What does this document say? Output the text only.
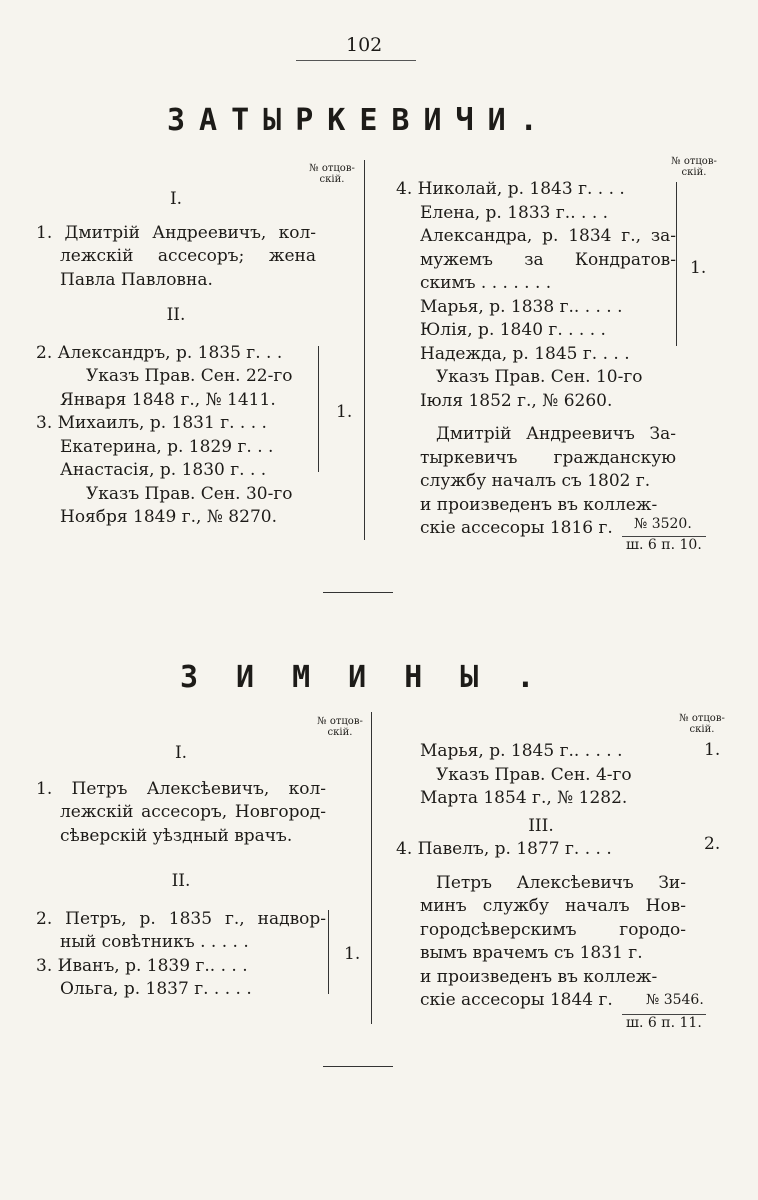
102
ЗАТЫРКЕВИЧИ.
№ отцов-
скій.
№ отцов-
скій.
I.
1. Дмитрій Андреевичъ, кол-
лежскій ассесоръ; жена
Павла Павловна.
II.
2. Александръ, р. 1835 г. . .
Указъ Прав. Сен. 22-го
Января 1848 г., № 1411.
3. Михаилъ, р. 1831 г. . . .
Екатерина, р. 1829 г. . .
Анастасія, р. 1830 г. . .
Указъ Прав. Сен. 30-го
Ноября 1849 г., № 8270.
1.
4. Николай, р. 1843 г. . . .
Елена, р. 1833 г.. . . .
Александра, р. 1834 г., за-
мужемъ за Кондратов-
скимъ . . . . . . .
Марья, р. 1838 г.. . . . .
Юлія, р. 1840 г. . . . .
Надежда, р. 1845 г. . . .
Указъ Прав. Сен. 10-го
Іюля 1852 г., № 6260.
Дмитрій Андреевичъ За-
тыркевичъ гражданскую
службу началъ съ 1802 г.
и произведенъ въ коллеж-
скіе ассесоры 1816 г.
1.
№ 3520.
ш. 6 п. 10.
ЗИМИНЫ.
№ отцов-
скій.
№ отцов-
скій.
I.
1. Петръ Алексѣевичъ, кол-
лежскій ассесоръ, Новгород-
сѣверскій уѣздный врачъ.
II.
2. Петръ, р. 1835 г., надвор-
ный совѣтникъ . . . . .
3. Иванъ, р. 1839 г.. . . .
Ольга, р. 1837 г. . . . .
1.
Марья, р. 1845 г.. . . . .
Указъ Прав. Сен. 4-го
Марта 1854 г., № 1282.
III.
4. Павелъ, р. 1877 г. . . .
Петръ Алексѣевичъ Зи-
минъ службу началъ Нов-
городсѣверскимъ городо-
вымъ врачемъ съ 1831 г.
и произведенъ въ коллеж-
скіе ассесоры 1844 г.
1.
2.
№ 3546.
ш. 6 п. 11.
